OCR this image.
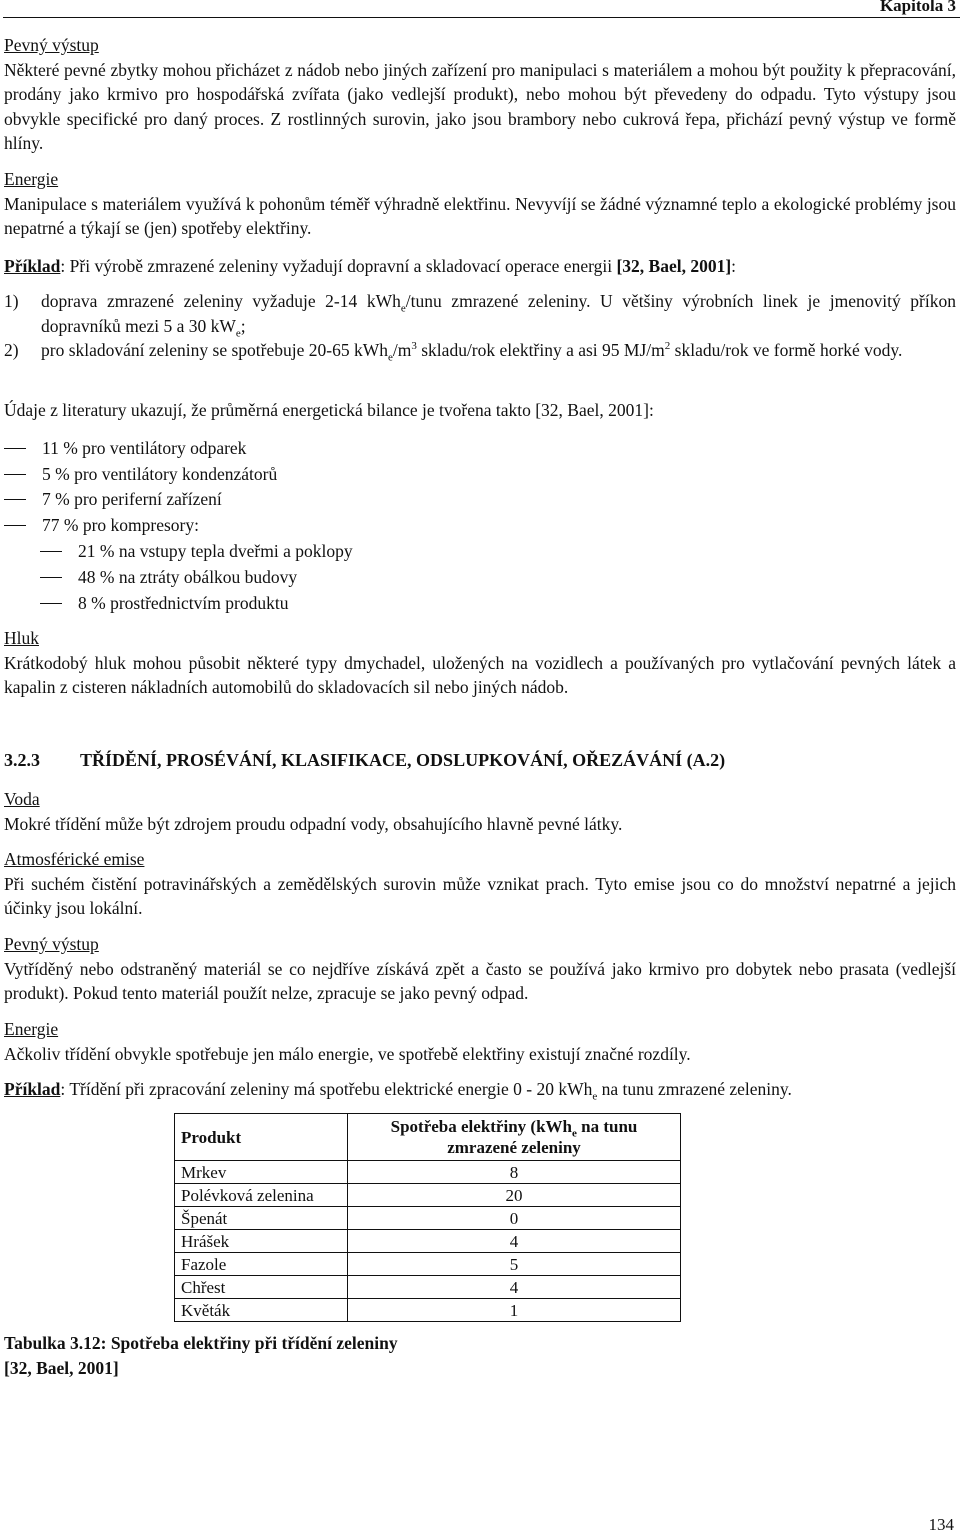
Kapitola 3

Pevný výstup

Některé pevné zbytky mohou přicházet z nádob nebo jiných zařízení pro manipulaci s materiálem a mohou být použity k přepracování, prodány jako krmivo pro hospodářská zvířata (jako vedlejší produkt), nebo mohou být převedeny do odpadu. Tyto výstupy jsou obvykle specifické pro daný proces. Z rostlinných surovin, jako jsou brambory nebo cukrová řepa, přichází pevný výstup ve formě hlíny.

Energie

Manipulace s materiálem využívá k pohonům téměř výhradně elektřinu. Nevyvíjí se žádné významné teplo a ekologické problémy jsou nepatrné a týkají se (jen) spotřeby elektřiny.

Příklad: Při výrobě zmrazené zeleniny vyžadují dopravní a skladovací operace energii [32, Bael, 2001]:

1) doprava zmrazené zeleniny vyžaduje 2-14 kWh$_e$/tunu zmrazené zeleniny. U většiny výrobních linek je jmenovitý příkon dopravníků mezi 5 a 30 $kW_e$;
2) pro skladování zeleniny se spotřebuje 20-65 $kWh_e/m^3$ skladu/rok elektřiny a asi 95 $MJ/m^2$ skladu/rok ve formě horké vody.
Údaje z literatury ukazují, že průměrná energetická bilance je tvořena takto [32, Bael, 2001]:
11 % pro ventilátory odparek
5 % pro ventilátory kondenzátorů
7 % pro periferní zařízení
77 % pro kompresory:
21 % na vstupy tepla dveřmi a poklopy
48 % na ztráty obálkou budovy
8 % prostřednictvím produktu

Hluk

Krátkodobý hluk mohou působit některé typy dmychadel, uložených na vozidlech a používaných pro vytlačování pevných látek a kapalin z cisteren nákladních automobilů do skladovacích sil nebo jiných nádob.

3.2.3 TŘÍDĚNÍ, PROSÉVÁNÍ, KLASIFIKACE, ODSLUPKOVÁNÍ, OŘEZÁVÁNÍ (A.2)

Voda

Mokré třídění může být zdrojem proudu odpadní vody, obsahujícího hlavně pevné látky.

Atmosférické emise

Při suchém čistění potravinářských a zemědělských surovin může vznikat prach. Tyto emise jsou co do množství nepatrné a jejich účinky jsou lokální.

Pevný výstup

Vytříděný nebo odstraněný materiál se co nejdříve získává zpět a často se používá jako krmivo pro dobytek nebo prasata (vedlejší produkt). Pokud tento materiál použít nelze, zpracuje se jako pevný odpad.

Energie

Ačkoliv třídění obvykle spotřebuje jen málo energie, ve spotřebě elektřiny existují značné rozdíly.

Příklad: Třídění při zpracování zeleniny má spotřebu elektrické energie 0 - 20 kWh$_e$ na tunu zmrazené zeleniny.

Produkt	Spotřeba elektřiny (kWh$_e$ na tunu zmrazené zeleniny
Mrkev	8
Polévková zelenina	20
Špenát	0
Hrášek	4
Fazole	5
Chřest	4
Květák	1
Tabulka 3.12: Spotřeba elektřiny při třídění zeleniny
[32, Bael, 2001]
134
